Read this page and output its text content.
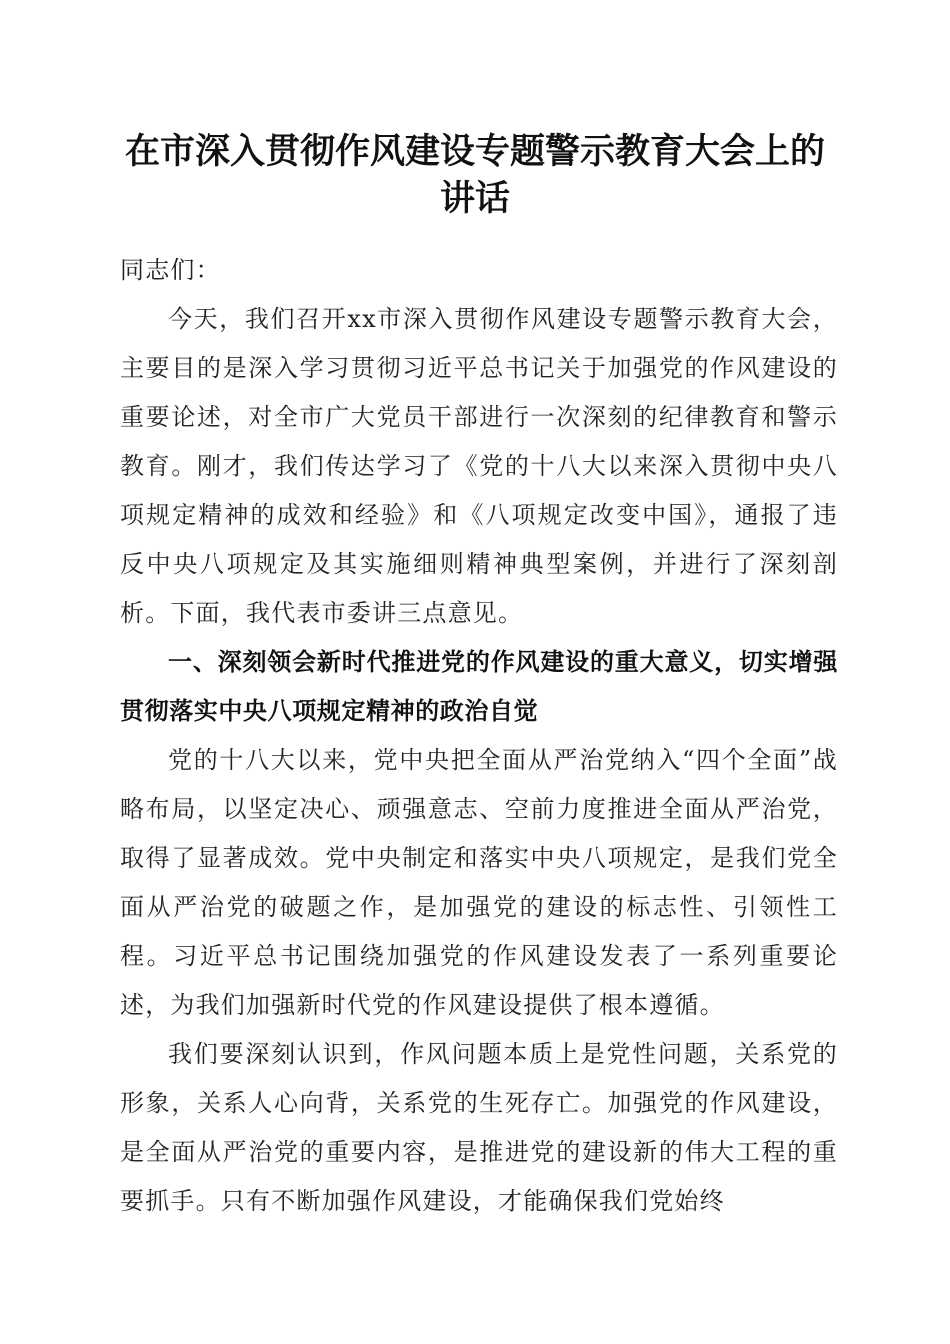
在市深入贯彻作风建设专题警示教育大会上的
讲话

同志们：

今天，我们召开xx市深入贯彻作风建设专题警示教育大会，主要目的是深入学习贯彻习近平总书记关于加强党的作风建设的重要论述，对全市广大党员干部进行一次深刻的纪律教育和警示教育。刚才，我们传达学习了《党的十八大以来深入贯彻中央八项规定精神的成效和经验》和《八项规定改变中国》，通报了违反中央八项规定及其实施细则精神典型案例，并进行了深刻剖析。下面，我代表市委讲三点意见。

一、深刻领会新时代推进党的作风建设的重大意义，切实增强贯彻落实中央八项规定精神的政治自觉

党的十八大以来，党中央把全面从严治党纳入“四个全面”战略布局，以坚定决心、顽强意志、空前力度推进全面从严治党，取得了显著成效。党中央制定和落实中央八项规定，是我们党全面从严治党的破题之作，是加强党的建设的标志性、引领性工程。习近平总书记围绕加强党的作风建设发表了一系列重要论述，为我们加强新时代党的作风建设提供了根本遵循。

我们要深刻认识到，作风问题本质上是党性问题，关系党的形象，关系人心向背，关系党的生死存亡。加强党的作风建设，是全面从严治党的重要内容，是推进党的建设新的伟大工程的重要抓手。只有不断加强作风建设，才能确保我们党始终
